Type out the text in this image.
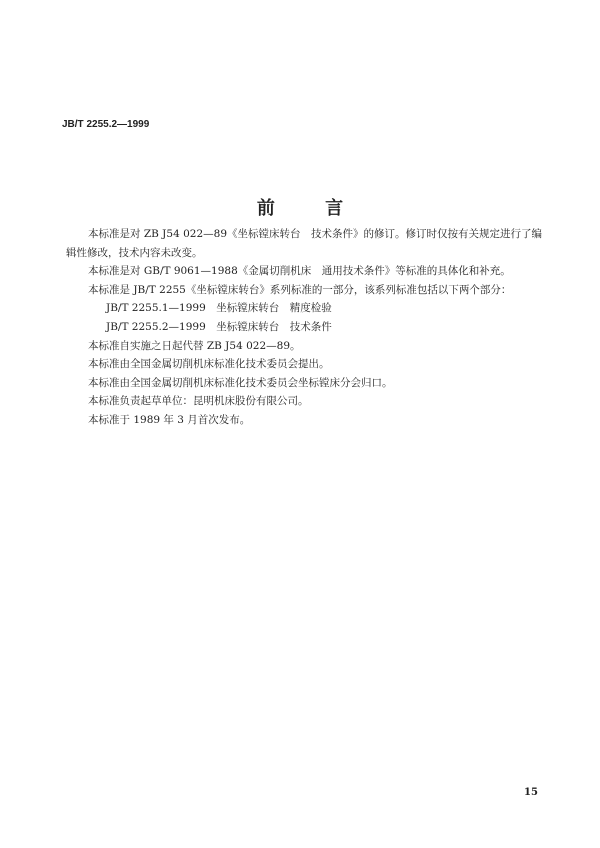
JB/T 2255.2—1999
前 言

本标准是对 ZB J54 022—89《坐标镗床转台　技术条件》的修订。修订时仅按有关规定进行了编辑性修改，技术内容未改变。

本标准是对 GB/T 9061—1988《金属切削机床　通用技术条件》等标准的具体化和补充。

本标准是 JB/T 2255《坐标镗床转台》系列标准的一部分，该系列标准包括以下两个部分：

JB/T 2255.1—1999　坐标镗床转台　精度检验

JB/T 2255.2—1999　坐标镗床转台　技术条件

本标准自实施之日起代替 ZB J54 022—89。

本标准由全国金属切削机床标准化技术委员会提出。

本标准由全国金属切削机床标准化技术委员会坐标镗床分会归口。

本标准负责起草单位：昆明机床股份有限公司。

本标准于 1989 年 3 月首次发布。

15
